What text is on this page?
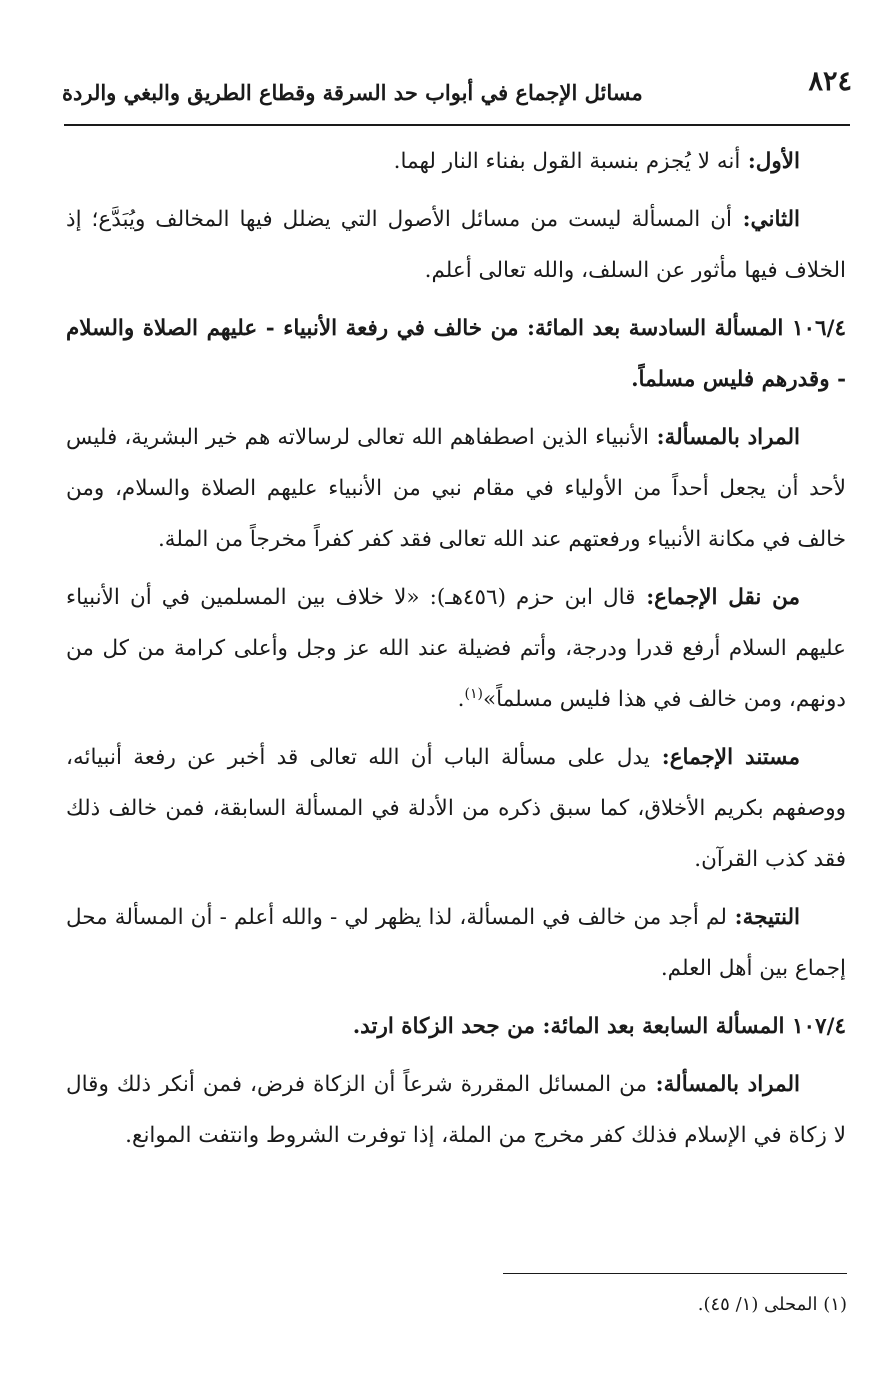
٨٢٤
مسائل الإجماع في أبواب حد السرقة وقطاع الطريق والبغي والردة

الأول: أنه لا يُجزم بنسبة القول بفناء النار لهما.

الثاني: أن المسألة ليست من مسائل الأصول التي يضلل فيها المخالف ويُبَدَّع؛ إذ الخلاف فيها مأثور عن السلف، والله تعالى أعلم.

١٠٦/٤ المسألة السادسة بعد المائة: من خالف في رفعة الأنبياء - عليهم الصلاة والسلام - وقدرهم فليس مسلماً.

المراد بالمسألة: الأنبياء الذين اصطفاهم الله تعالى لرسالاته هم خير البشرية، فليس لأحد أن يجعل أحداً من الأولياء في مقام نبي من الأنبياء عليهم الصلاة والسلام، ومن خالف في مكانة الأنبياء ورفعتهم عند الله تعالى فقد كفر كفراً مخرجاً من الملة.

من نقل الإجماع: قال ابن حزم (٤٥٦هـ): «لا خلاف بين المسلمين في أن الأنبياء عليهم السلام أرفع قدرا ودرجة، وأتم فضيلة عند الله عز وجل وأعلى كرامة من كل من دونهم، ومن خالف في هذا فليس مسلماً»$^{(١)}$.

مستند الإجماع: يدل على مسألة الباب أن الله تعالى قد أخبر عن رفعة أنبيائه، ووصفهم بكريم الأخلاق، كما سبق ذكره من الأدلة في المسألة السابقة، فمن خالف ذلك فقد كذب القرآن.

النتيجة: لم أجد من خالف في المسألة، لذا يظهر لي - والله أعلم - أن المسألة محل إجماع بين أهل العلم.

١٠٧/٤ المسألة السابعة بعد المائة: من جحد الزكاة ارتد.

المراد بالمسألة: من المسائل المقررة شرعاً أن الزكاة فرض، فمن أنكر ذلك وقال لا زكاة في الإسلام فذلك كفر مخرج من الملة، إذا توفرت الشروط وانتفت الموانع.

(١) المحلى (١/ ٤٥).
